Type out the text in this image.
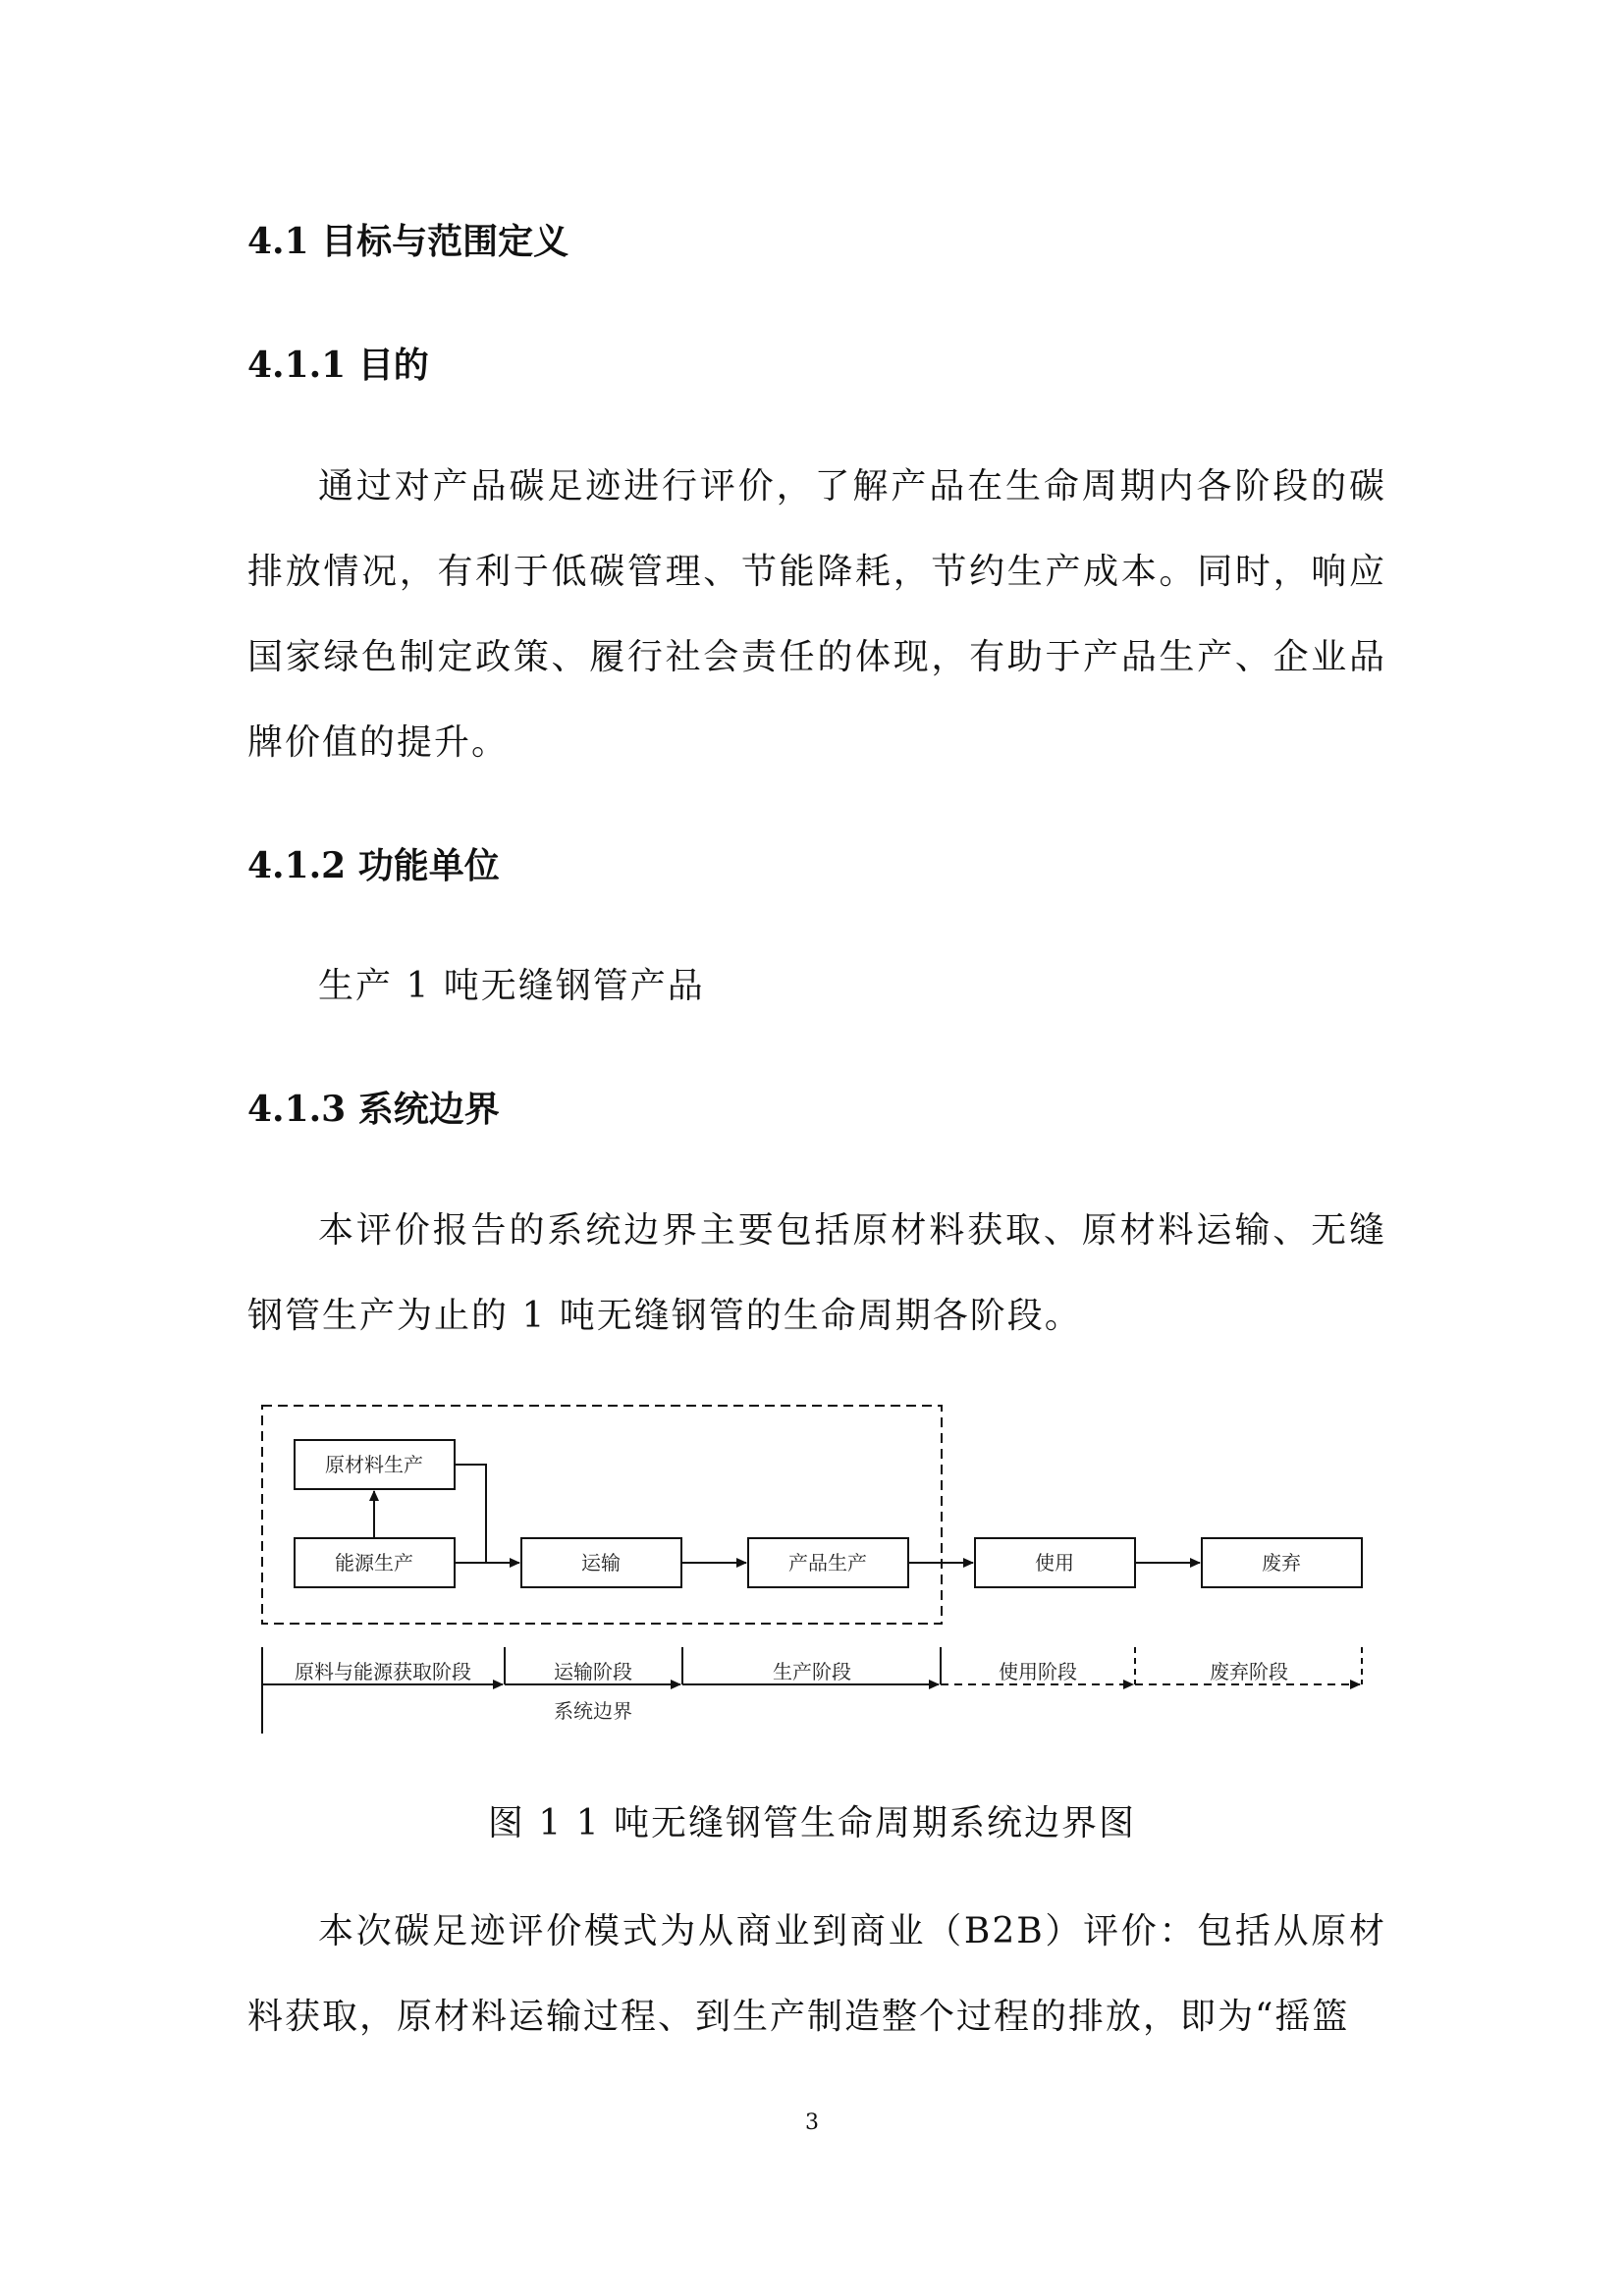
4.1 目标与范围定义
4.1.1 目的

通过对产品碳足迹进行评价，了解产品在生命周期内各阶段的碳排放情况，有利于低碳管理、节能降耗，节约生产成本。同时，响应国家绿色制定政策、履行社会责任的体现，有助于产品生产、企业品牌价值的提升。

4.1.2 功能单位

生产 1 吨无缝钢管产品

4.1.3 系统边界

本评价报告的系统边界主要包括原材料获取、原材料运输、无缝钢管生产为止的 1 吨无缝钢管的生命周期各阶段。

原材料生产
能源生产	运输	产品生产	使用	废弃
原料与能源获取阶段	运输阶段	生产阶段	使用阶段	废弃阶段
系统边界

图 1 1 吨无缝钢管生命周期系统边界图

本次碳足迹评价模式为从商业到商业（B2B）评价：包括从原材料获取，原材料运输过程、到生产制造整个过程的排放，即为“摇篮

3
